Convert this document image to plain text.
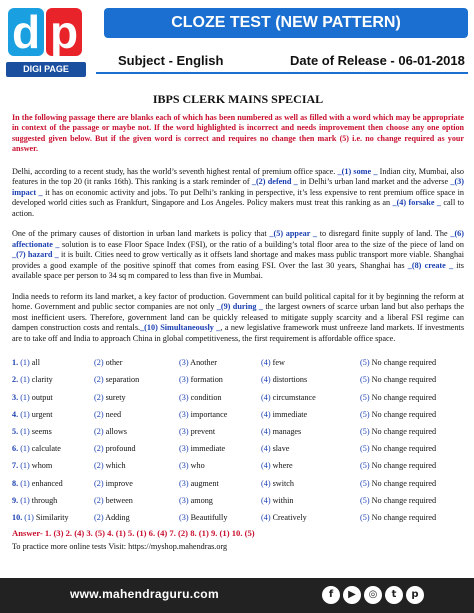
d p
DIGI PAGE
CLOZE TEST (NEW PATTERN)
Subject - English	Date of Release - 06-01-2018
IBPS CLERK MAINS SPECIAL
In the following passage there are blanks each of which has been numbered as well as filled with a word which may be appropriate in context of the passage or maybe not. If the word highlighted is incorrect and needs improvement then choose any one option suggested given below. But if the given word is correct and requires no change then mark (5) i.e. no change required as your answer.

Delhi, according to a recent study, has the world’s seventh highest rental of premium office space. _(1) some _ Indian city, Mumbai, also features in the top 20 (it ranks 16th). This ranking is a stark reminder of _(2) defend _ in Delhi’s urban land market and the adverse _(3) impact _ it has on economic activity and jobs. To put Delhi’s ranking in perspective, it’s less expensive to rent premium office space in developed world cities such as Frankfurt, Singapore and Los Angeles. Policy makers must treat this ranking as an _(4) forsake _ call to action.

One of the primary causes of distortion in urban land markets is policy that _(5) appear _ to disregard finite supply of land. The _(6) affectionate _ solution is to ease Floor Space Index (FSI), or the ratio of a building’s total floor area to the size of the piece of land on _(7) hazard _ it is built. Cities need to grow vertically as it offsets land shortage and makes mass public transport more viable. Shanghai provides a good example of the positive spinoff that comes from easing FSI. Over the last 30 years, Shanghai has _(8) create _ its available space per person to 34 sq m compared to less than five in Mumbai.

India needs to reform its land market, a key factor of production. Government can build political capital for it by beginning the reform at home. Government and public sector companies are not only _(9) during _ the largest owners of scarce urban land but also perhaps the most inefficient users. Therefore, government land can be quickly released to mitigate supply scarcity and a liberal FSI regime can dampen construction costs and rentals._(10) Simultaneously _, a new legislative framework must unfreeze land markets. If investments are to take off and India to approach China in global competitiveness, the first requirement is affordable office space.

1. (1) all	(2) other	(3) Another	(4) few	(5) No change required
2. (1) clarity	(2) separation	(3) formation	(4) distortions	(5) No change required
3. (1) output	(2) surety	(3) condition	(4) circumstance	(5) No change required
4. (1) urgent	(2) need	(3) importance	(4) immediate	(5) No change required
5. (1) seems	(2) allows	(3) prevent	(4) manages	(5) No change required
6. (1) calculate	(2) profound	(3) immediate	(4) slave	(5) No change required
7. (1) whom	(2) which	(3) who	(4) where	(5) No change required
8. (1) enhanced	(2) improve	(3) augment	(4) switch	(5) No change required
9. (1) through	(2) between	(3) among	(4) within	(5) No change required
10. (1) Similarity	(2) Adding	(3) Beautifully	(4) Creatively	(5) No change required
Answer- 1. (3) 2. (4) 3. (5) 4. (1) 5. (1) 6. (4) 7. (2) 8. (1) 9. (1) 10. (5)
To practice more online tests Visit: https://myshop.mahendras.org
www.mahendraguru.com	f	▶	◎	t	p
